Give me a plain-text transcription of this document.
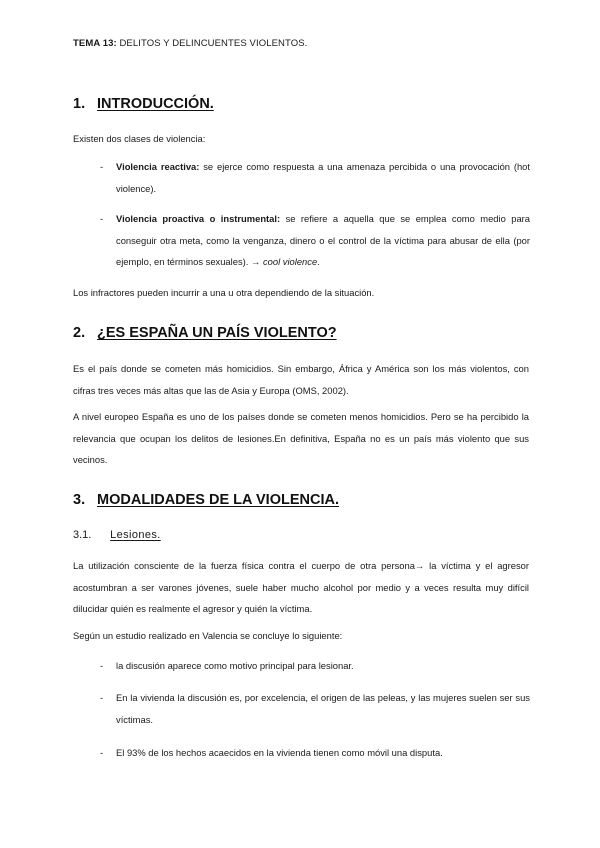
TEMA 13: DELITOS Y DELINCUENTES VIOLENTOS.
1. INTRODUCCIÓN.
Existen dos clases de violencia:
-	Violencia reactiva: se ejerce como respuesta a una amenaza percibida o una provocación (hot violence).
-	Violencia proactiva o instrumental: se refiere a aquella que se emplea como medio para conseguir otra meta, como la venganza, dinero o el control de la víctima para abusar de ella (por ejemplo, en términos sexuales). → cool violence.
Los infractores pueden incurrir a una u otra dependiendo de la situación.
2. ¿ES ESPAÑA UN PAÍS VIOLENTO?
Es el país donde se cometen más homicidios. Sin embargo, África y América son los más violentos, con cifras tres veces más altas que las de Asia y Europa (OMS, 2002).
A nivel europeo España es uno de los países donde se cometen menos homicidios. Pero se ha percibido la relevancia que ocupan los delitos de lesiones.En definitiva, España no es un país más violento que sus vecinos.
3. MODALIDADES DE LA VIOLENCIA.
3.1. Lesiones.
La utilización consciente de la fuerza física contra el cuerpo de otra persona→ la víctima y el agresor acostumbran a ser varones jóvenes, suele haber mucho alcohol por medio y a veces resulta muy difícil dilucidar quién es realmente el agresor y quién la víctima.
Según un estudio realizado en Valencia se concluye lo siguiente:
-	la discusión aparece como motivo principal para lesionar.
-	En la vivienda la discusión es, por excelencia, el origen de las peleas, y las mujeres suelen ser sus víctimas.
-	El 93% de los hechos acaecidos en la vivienda tienen como móvil una disputa.
